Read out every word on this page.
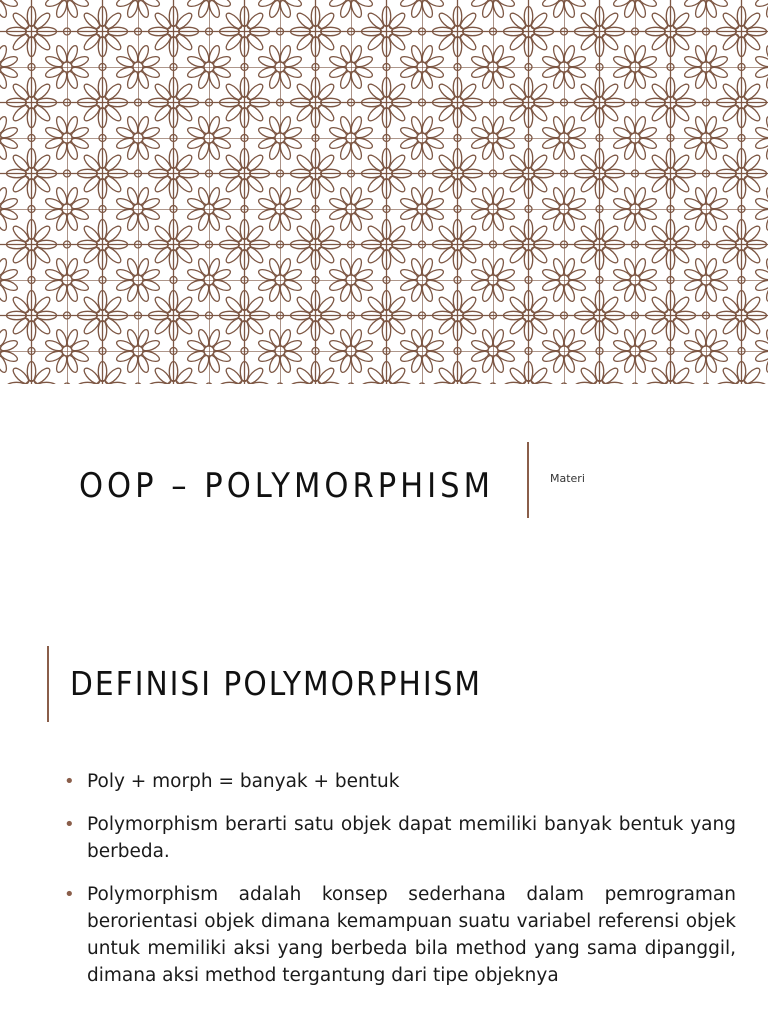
OOP – POLYMORPHISM	Materi
DEFINISI POLYMORPHISM
• Poly + morph = banyak + bentuk
• Polymorphism berarti satu objek dapat memiliki banyak bentuk yang berbeda.
• Polymorphism adalah konsep sederhana dalam pemrograman berorientasi objek dimana kemampuan suatu variabel referensi objek untuk memiliki aksi yang berbeda bila method yang sama dipanggil, dimana aksi method tergantung dari tipe objeknya
